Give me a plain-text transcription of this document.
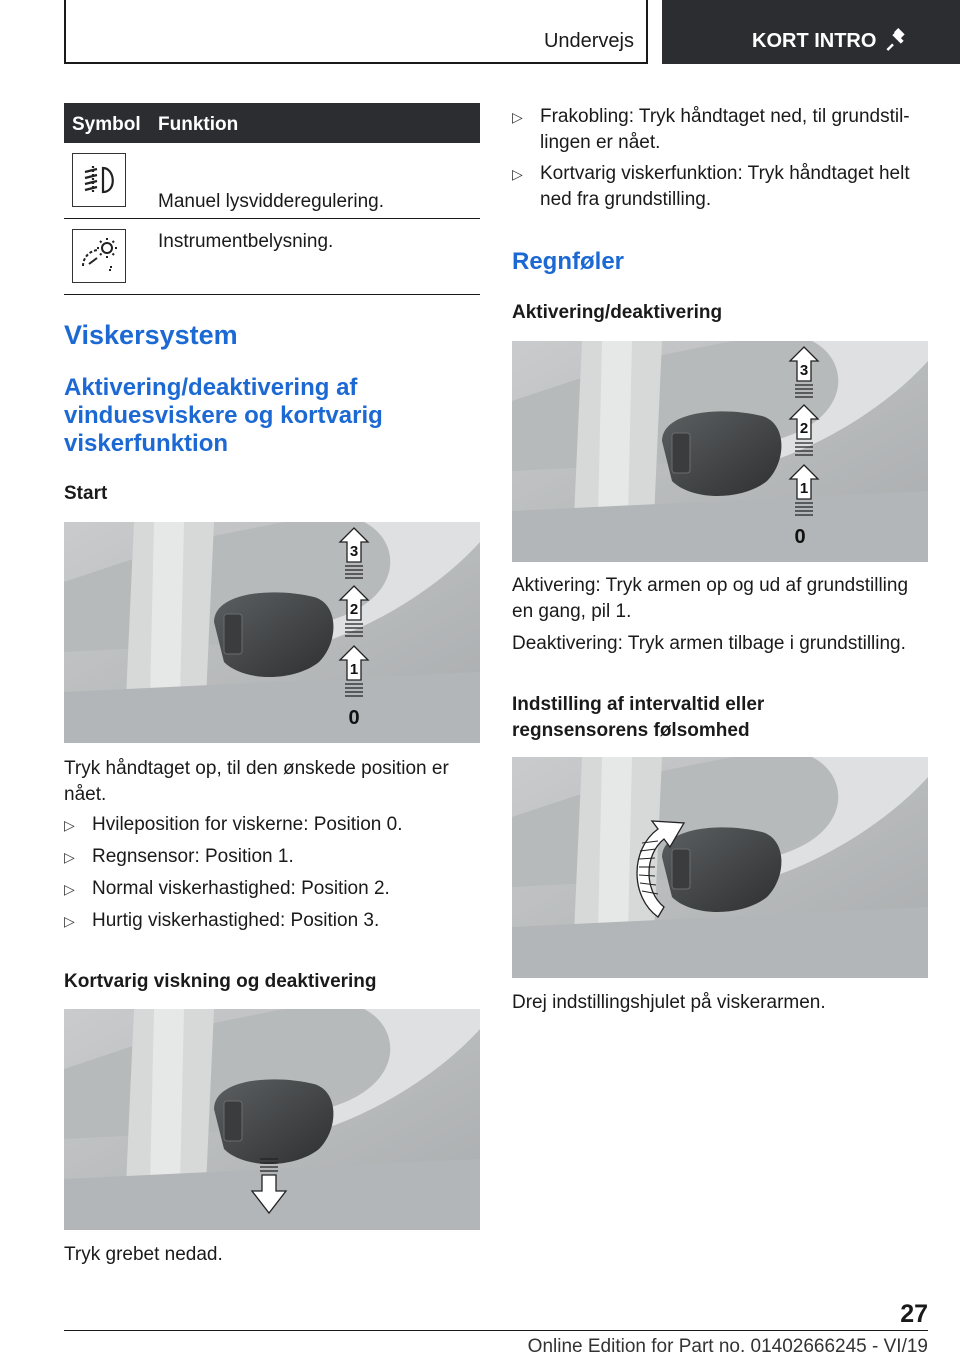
Undervejs	KORT INTRO
Symbol Funktion
Manuel lysvidderegulering.
Instrumentbelysning.
Viskersystem
Aktivering/deaktivering af
vinduesviskere og kortvarig
viskerfunktion
Start
3
2
1
0
Tryk håndtaget op, til den ønskede position er
nået.
▷ Hvileposition for viskerne: Position 0.
▷ Regnsensor: Position 1.
▷ Normal viskerhastighed: Position 2.
▷ Hurtig viskerhastighed: Position 3.
Kortvarig viskning og deaktivering

Tryk grebet nedad.

▷ Frakobling: Tryk håndtaget ned, til grundstil-
lingen er nået.
▷ Kortvarig viskerfunktion: Tryk håndtaget helt
ned fra grundstilling.
Regnføler
Aktivering/deaktivering
3
2
1
0
Aktivering: Tryk armen op og ud af grundstilling
en gang, pil 1.

Deaktivering: Tryk armen tilbage i grundstilling.

Indstilling af intervaltid eller
regnsensorens følsomhed

Drej indstillingshjulet på viskerarmen.

27
Online Edition for Part no. 01402666245 - VI/19
